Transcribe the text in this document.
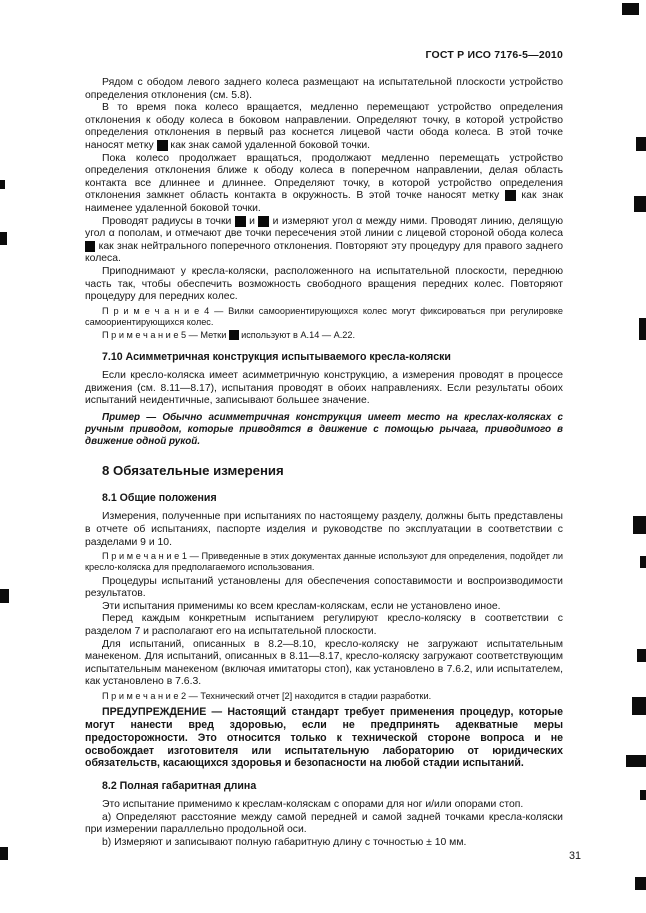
ГОСТ Р ИСО 7176-5—2010

Рядом с ободом левого заднего колеса размещают на испытательной плоскости устройство определения отклонения (см. 5.8).

В то время пока колесо вращается, медленно перемещают устройство определения отклонения к ободу колеса в боковом направлении. Определяют точку, в которой устройство определения отклонения в первый раз коснется лицевой части обода колеса. В этой точке наносят метку X как знак самой удаленной боковой точки.

Пока колесо продолжает вращаться, продолжают медленно перемещать устройство определения отклонения ближе к ободу колеса в поперечном направлении, делая область контакта все длиннее и длиннее. Определяют точку, в которой устройство определения отклонения замкнет область контакта в окружность. В этой точке наносят метку Y как знак наименее удаленной боковой точки.

Проводят радиусы в точки X и Y и измеряют угол α между ними. Проводят линию, делящую угол α пополам, и отмечают две точки пересечения этой линии с лицевой стороной обода колеса Z как знак нейтрального поперечного отклонения. Повторяют эту процедуру для правого заднего колеса.

Приподнимают у кресла-коляски, расположенного на испытательной плоскости, переднюю часть так, чтобы обеспечить возможность свободного вращения передних колес. Повторяют процедуру для передних колес.

П р и м е ч а н и е 4 — Вилки самоориентирующихся колес могут фиксироваться при регулировке самоориентирующихся колес.

П р и м е ч а н и е 5 — Метки Z используют в А.14 — А.22.

7.10 Асимметричная конструкция испытываемого кресла-коляски

Если кресло-коляска имеет асимметричную конструкцию, а измерения проводят в процессе движения (см. 8.11—8.17), испытания проводят в обоих направлениях. Если результаты обоих испытаний неидентичные, записывают большее значение.

Пример — Обычно асимметричная конструкция имеет место на креслах-колясках с ручным приводом, которые приводятся в движение с помощью рычага, приводимого в движение одной рукой.

8 Обязательные измерения

8.1 Общие положения

Измерения, полученные при испытаниях по настоящему разделу, должны быть представлены в отчете об испытаниях, паспорте изделия и руководстве по эксплуатации в соответствии с разделами 9 и 10.

П р и м е ч а н и е 1 — Приведенные в этих документах данные используют для определения, подойдет ли кресло-коляска для предполагаемого использования.

Процедуры испытаний установлены для обеспечения сопоставимости и воспроизводимости результатов.

Эти испытания применимы ко всем креслам-коляскам, если не установлено иное.

Перед каждым конкретным испытанием регулируют кресло-коляску в соответствии с разделом 7 и располагают его на испытательной плоскости.

Для испытаний, описанных в 8.2—8.10, кресло-коляску не загружают испытательным манекеном. Для испытаний, описанных в 8.11—8.17, кресло-коляску загружают соответствующим испытательным манекеном (включая имитаторы стоп), как установлено в 7.6.2, или испытателем, как установлено в 7.6.3.

П р и м е ч а н и е 2 — Технический отчет [2] находится в стадии разработки.

ПРЕДУПРЕЖДЕНИЕ — Настоящий стандарт требует применения процедур, которые могут нанести вред здоровью, если не предпринять адекватные меры предосторожности. Это относится только к технической стороне вопроса и не освобождает изготовителя или испытательную лабораторию от юридических обязательств, касающихся здоровья и безопасности на любой стадии испытаний.

8.2 Полная габаритная длина

Это испытание применимо к креслам-коляскам с опорами для ног и/или опорами стоп.

a) Определяют расстояние между самой передней и самой задней точками кресла-коляски при измерении параллельно продольной оси.

b) Измеряют и записывают полную габаритную длину с точностью ± 10 мм.

31
